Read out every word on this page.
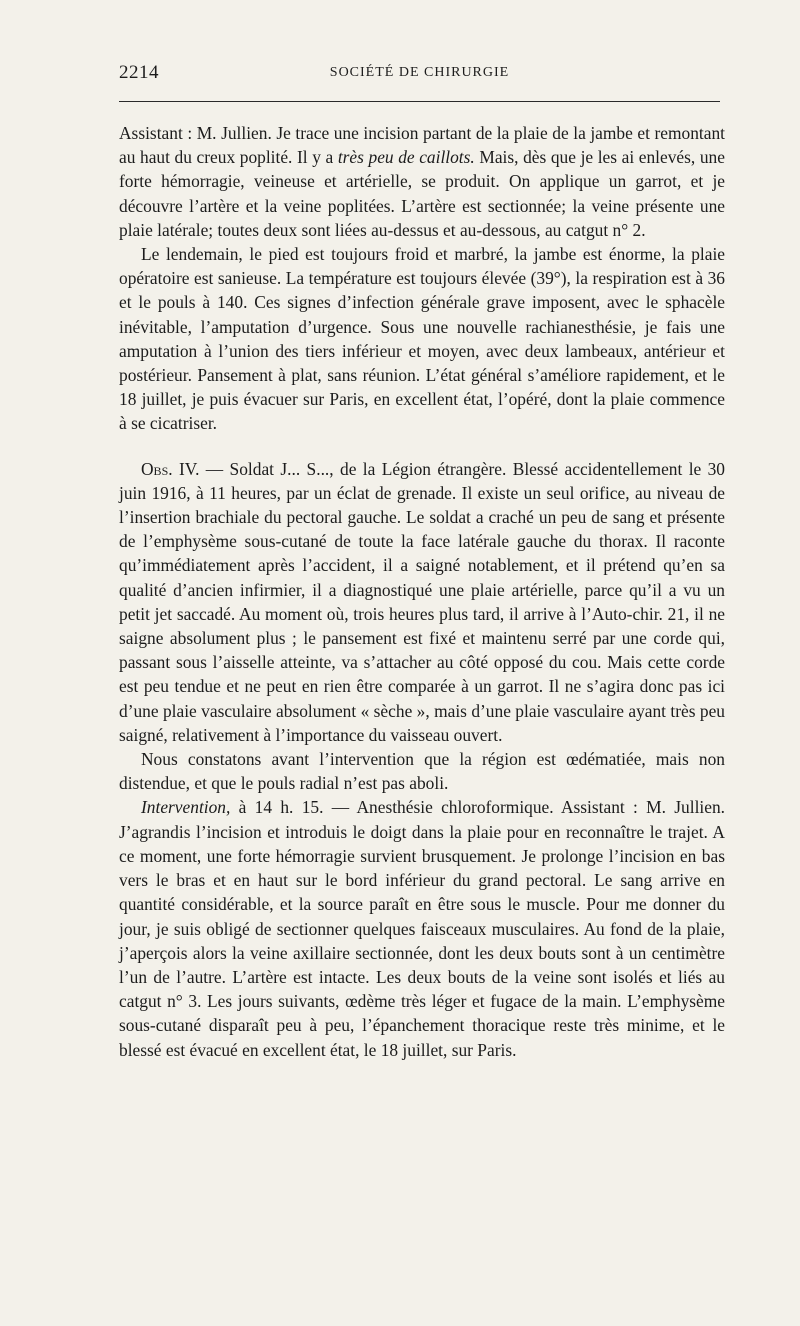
2214	SOCIÉTÉ DE CHIRURGIE

Assistant : M. Jullien. Je trace une incision partant de la plaie de la jambe et remontant au haut du creux poplité. Il y a très peu de caillots. Mais, dès que je les ai enlevés, une forte hémorragie, veineuse et artérielle, se produit. On applique un garrot, et je découvre l’artère et la veine poplitées. L’artère est sectionnée; la veine présente une plaie latérale; toutes deux sont liées au-dessus et au-dessous, au catgut n° 2.

Le lendemain, le pied est toujours froid et marbré, la jambe est énorme, la plaie opératoire est sanieuse. La température est toujours élevée (39°), la respiration est à 36 et le pouls à 140. Ces signes d’infection générale grave imposent, avec le sphacèle inévitable, l’amputation d’urgence. Sous une nouvelle rachianesthésie, je fais une amputation à l’union des tiers inférieur et moyen, avec deux lambeaux, antérieur et postérieur. Pansement à plat, sans réunion. L’état général s’améliore rapidement, et le 18 juillet, je puis évacuer sur Paris, en excellent état, l’opéré, dont la plaie commence à se cicatriser.

Obs. IV. — Soldat J... S..., de la Légion étrangère. Blessé accidentellement le 30 juin 1916, à 11 heures, par un éclat de grenade. Il existe un seul orifice, au niveau de l’insertion brachiale du pectoral gauche. Le soldat a craché un peu de sang et présente de l’emphysème sous-cutané de toute la face latérale gauche du thorax. Il raconte qu’immédiatement après l’accident, il a saigné notablement, et il prétend qu’en sa qualité d’ancien infirmier, il a diagnostiqué une plaie artérielle, parce qu’il a vu un petit jet saccadé. Au moment où, trois heures plus tard, il arrive à l’Auto-chir. 21, il ne saigne absolument plus ; le pansement est fixé et maintenu serré par une corde qui, passant sous l’aisselle atteinte, va s’attacher au côté opposé du cou. Mais cette corde est peu tendue et ne peut en rien être comparée à un garrot. Il ne s’agira donc pas ici d’une plaie vasculaire absolument « sèche », mais d’une plaie vasculaire ayant très peu saigné, relativement à l’importance du vaisseau ouvert.

Nous constatons avant l’intervention que la région est œdématiée, mais non distendue, et que le pouls radial n’est pas aboli.

Intervention, à 14 h. 15. — Anesthésie chloroformique. Assistant : M. Jullien. J’agrandis l’incision et introduis le doigt dans la plaie pour en reconnaître le trajet. A ce moment, une forte hémorragie survient brusquement. Je prolonge l’incision en bas vers le bras et en haut sur le bord inférieur du grand pectoral. Le sang arrive en quantité considérable, et la source paraît en être sous le muscle. Pour me donner du jour, je suis obligé de sectionner quelques faisceaux musculaires. Au fond de la plaie, j’aperçois alors la veine axillaire sectionnée, dont les deux bouts sont à un centimètre l’un de l’autre. L’artère est intacte. Les deux bouts de la veine sont isolés et liés au catgut n° 3. Les jours suivants, œdème très léger et fugace de la main. L’emphysème sous-cutané disparaît peu à peu, l’épanchement thoracique reste très minime, et le blessé est évacué en excellent état, le 18 juillet, sur Paris.
